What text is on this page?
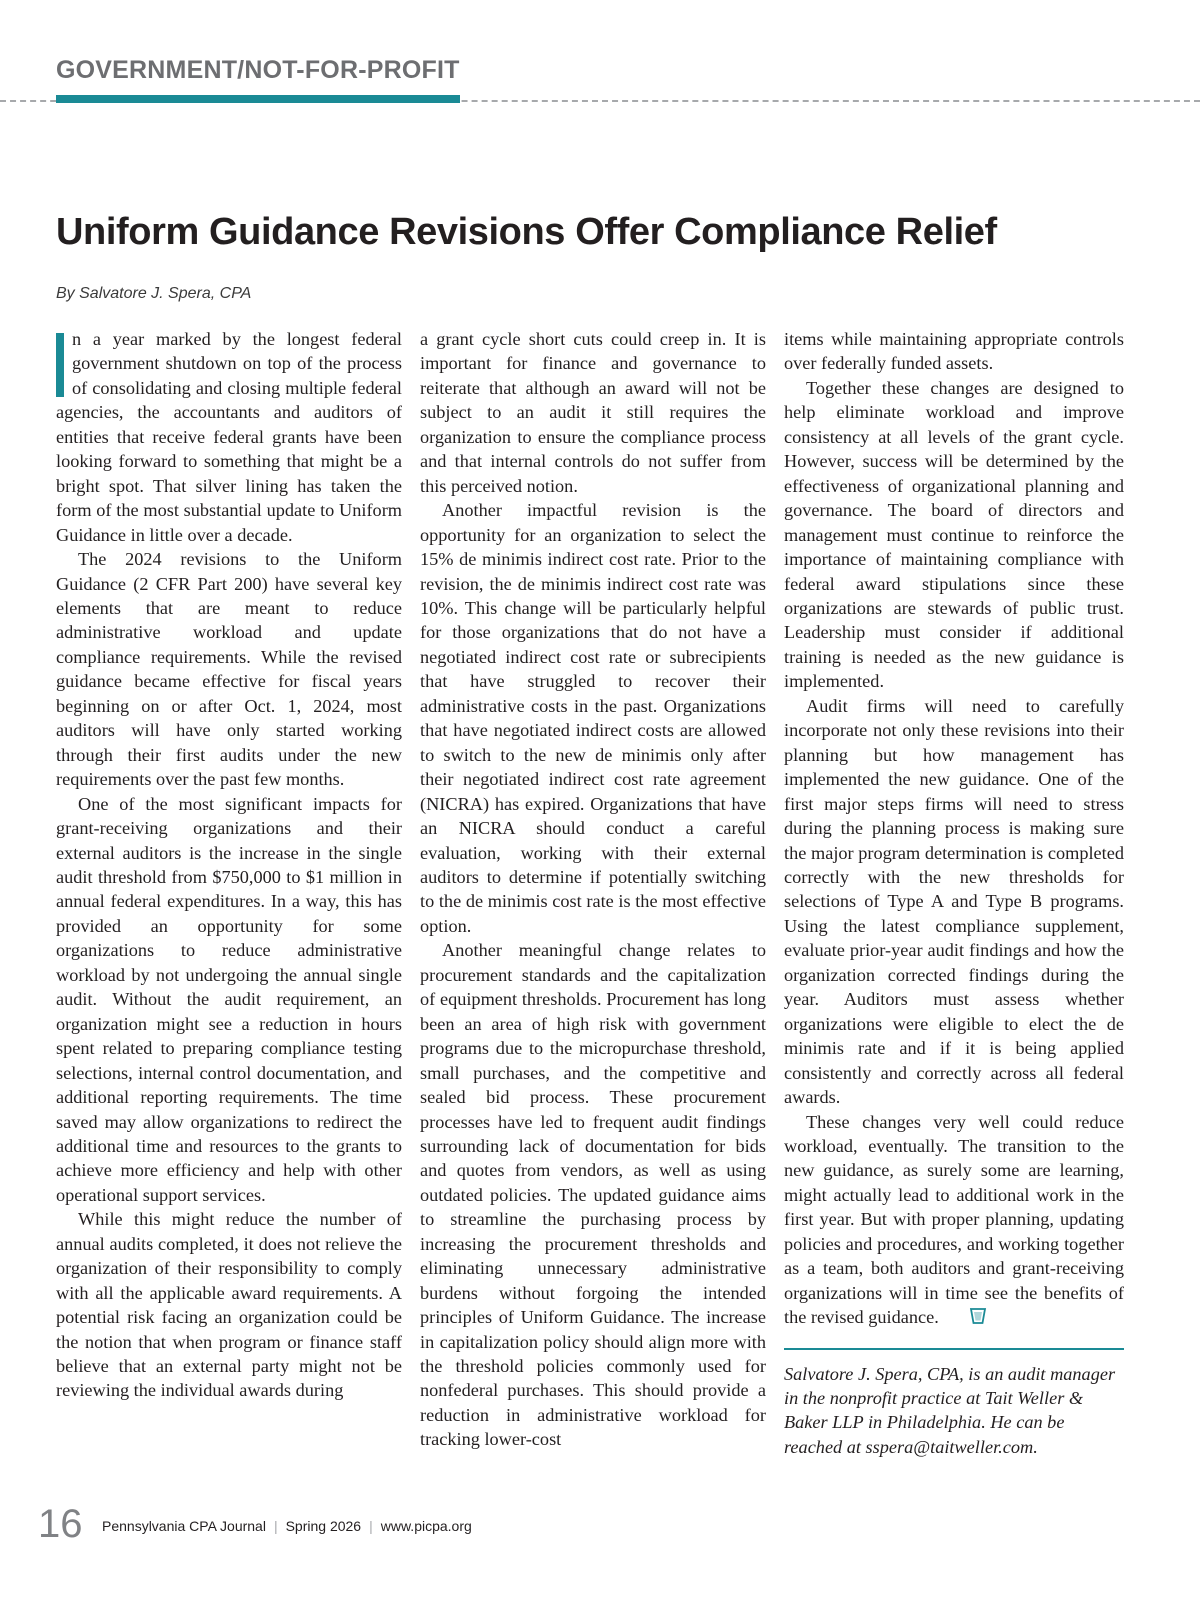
GOVERNMENT/NOT-FOR-PROFIT
Uniform Guidance Revisions Offer Compliance Relief
By Salvatore J. Spera, CPA

n a year marked by the longest federal government shutdown on top of the process of consolidating and closing multiple federal agencies, the accountants and auditors of entities that receive federal grants have been looking forward to something that might be a bright spot. That silver lining has taken the form of the most substantial update to Uniform Guidance in little over a decade.

The 2024 revisions to the Uniform Guidance (2 CFR Part 200) have several key elements that are meant to reduce administrative workload and update compliance requirements. While the revised guidance became effective for fiscal years beginning on or after Oct. 1, 2024, most auditors will have only started working through their first audits under the new requirements over the past few months.

One of the most significant impacts for grant-receiving organizations and their external auditors is the increase in the single audit threshold from $750,000 to $1 million in annual federal expenditures. In a way, this has provided an opportunity for some organizations to reduce administrative workload by not undergoing the annual single audit. Without the audit requirement, an organization might see a reduction in hours spent related to preparing compliance testing selections, internal control documentation, and additional reporting requirements. The time saved may allow organizations to redirect the additional time and resources to the grants to achieve more efficiency and help with other operational support services.

While this might reduce the number of annual audits completed, it does not relieve the organization of their responsibility to comply with all the applicable award requirements. A potential risk facing an organization could be the notion that when program or finance staff believe that an external party might not be reviewing the individual awards during

a grant cycle short cuts could creep in. It is important for finance and governance to reiterate that although an award will not be subject to an audit it still requires the organization to ensure the compliance process and that internal controls do not suffer from this perceived notion.

Another impactful revision is the opportunity for an organization to select the 15% de minimis indirect cost rate. Prior to the revision, the de minimis indirect cost rate was 10%. This change will be particularly helpful for those organizations that do not have a negotiated indirect cost rate or subrecipients that have struggled to recover their administrative costs in the past. Organizations that have negotiated indirect costs are allowed to switch to the new de minimis only after their negotiated indirect cost rate agreement (NICRA) has expired. Organizations that have an NICRA should conduct a careful evaluation, working with their external auditors to determine if potentially switching to the de minimis cost rate is the most effective option.

Another meaningful change relates to procurement standards and the capitalization of equipment thresholds. Procurement has long been an area of high risk with government programs due to the micropurchase threshold, small purchases, and the competitive and sealed bid process. These procurement processes have led to frequent audit findings surrounding lack of documentation for bids and quotes from vendors, as well as using outdated policies. The updated guidance aims to streamline the purchasing process by increasing the procurement thresholds and eliminating unnecessary administrative burdens without forgoing the intended principles of Uniform Guidance. The increase in capitalization policy should align more with the threshold policies commonly used for nonfederal purchases. This should provide a reduction in administrative workload for tracking lower-cost

items while maintaining appropriate controls over federally funded assets.

Together these changes are designed to help eliminate workload and improve consistency at all levels of the grant cycle. However, success will be determined by the effectiveness of organizational planning and governance. The board of directors and management must continue to reinforce the importance of maintaining compliance with federal award stipulations since these organizations are stewards of public trust. Leadership must consider if additional training is needed as the new guidance is implemented.

Audit firms will need to carefully incorporate not only these revisions into their planning but how management has implemented the new guidance. One of the first major steps firms will need to stress during the planning process is making sure the major program determination is completed correctly with the new thresholds for selections of Type A and Type B programs. Using the latest compliance supplement, evaluate prior-year audit findings and how the organization corrected findings during the year. Auditors must assess whether organizations were eligible to elect the de minimis rate and if it is being applied consistently and correctly across all federal awards.

These changes very well could reduce workload, eventually. The transition to the new guidance, as surely some are learning, might actually lead to additional work in the first year. But with proper planning, updating policies and procedures, and working together as a team, both auditors and grant-receiving organizations will in time see the benefits of the revised guidance.

Salvatore J. Spera, CPA, is an audit manager in the nonprofit practice at Tait Weller & Baker LLP in Philadelphia. He can be reached at sspera@taitweller.com.

16 Pennsylvania CPA Journal | Spring 2026 | www.picpa.org
